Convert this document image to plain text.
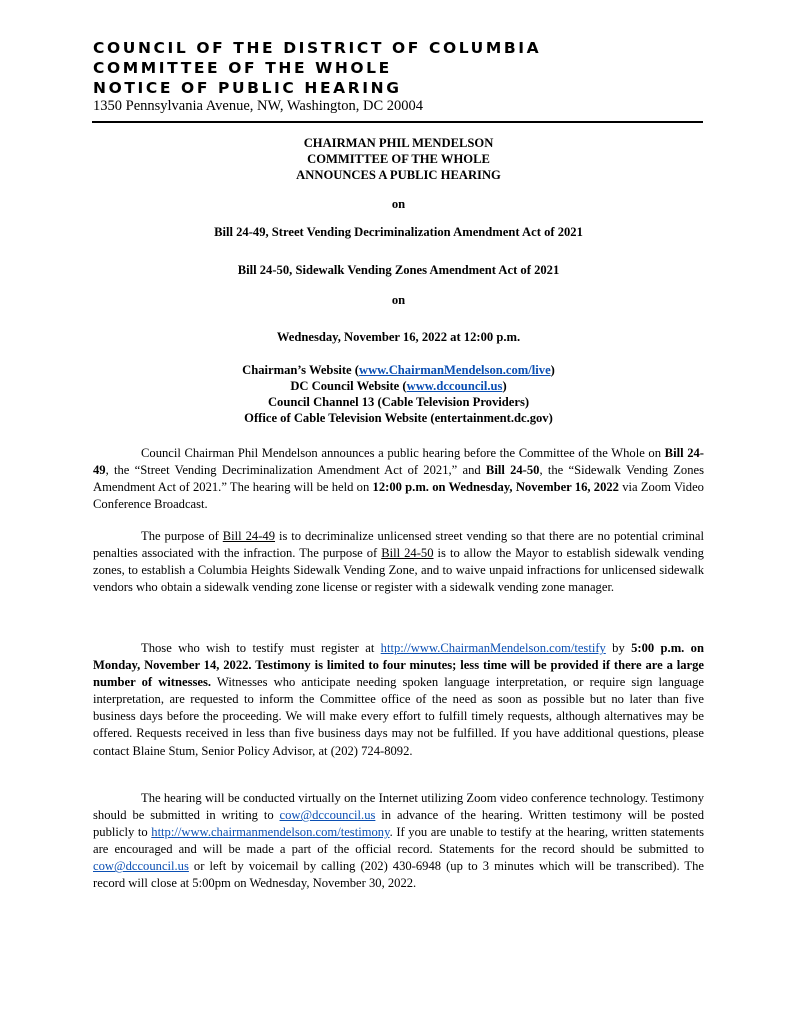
COUNCIL OF THE DISTRICT OF COLUMBIA
COMMITTEE OF THE WHOLE
NOTICE OF PUBLIC HEARING
1350 Pennsylvania Avenue, NW, Washington, DC 20004
CHAIRMAN PHIL MENDELSON
COMMITTEE OF THE WHOLE
ANNOUNCES A PUBLIC HEARING
on
Bill 24-49, Street Vending Decriminalization Amendment Act of 2021
Bill 24-50, Sidewalk Vending Zones Amendment Act of 2021
on
Wednesday, November 16, 2022 at 12:00 p.m.
Chairman’s Website (www.ChairmanMendelson.com/live)
DC Council Website (www.dccouncil.us)
Council Channel 13 (Cable Television Providers)
Office of Cable Television Website (entertainment.dc.gov)
Council Chairman Phil Mendelson announces a public hearing before the Committee of the Whole on Bill 24-49, the “Street Vending Decriminalization Amendment Act of 2021,” and Bill 24-50, the “Sidewalk Vending Zones Amendment Act of 2021.” The hearing will be held on 12:00 p.m. on Wednesday, November 16, 2022 via Zoom Video Conference Broadcast.
The purpose of Bill 24-49 is to decriminalize unlicensed street vending so that there are no potential criminal penalties associated with the infraction. The purpose of Bill 24-50 is to allow the Mayor to establish sidewalk vending zones, to establish a Columbia Heights Sidewalk Vending Zone, and to waive unpaid infractions for unlicensed sidewalk vendors who obtain a sidewalk vending zone license or register with a sidewalk vending zone manager.
Those who wish to testify must register at http://www.ChairmanMendelson.com/testify by 5:00 p.m. on Monday, November 14, 2022. Testimony is limited to four minutes; less time will be provided if there are a large number of witnesses. Witnesses who anticipate needing spoken language interpretation, or require sign language interpretation, are requested to inform the Committee office of the need as soon as possible but no later than five business days before the proceeding. We will make every effort to fulfill timely requests, although alternatives may be offered. Requests received in less than five business days may not be fulfilled. If you have additional questions, please contact Blaine Stum, Senior Policy Advisor, at (202) 724-8092.
The hearing will be conducted virtually on the Internet utilizing Zoom video conference technology. Testimony should be submitted in writing to cow@dccouncil.us in advance of the hearing. Written testimony will be posted publicly to http://www.chairmanmendelson.com/testimony. If you are unable to testify at the hearing, written statements are encouraged and will be made a part of the official record. Statements for the record should be submitted to cow@dccouncil.us or left by voicemail by calling (202) 430-6948 (up to 3 minutes which will be transcribed). The record will close at 5:00pm on Wednesday, November 30, 2022.
